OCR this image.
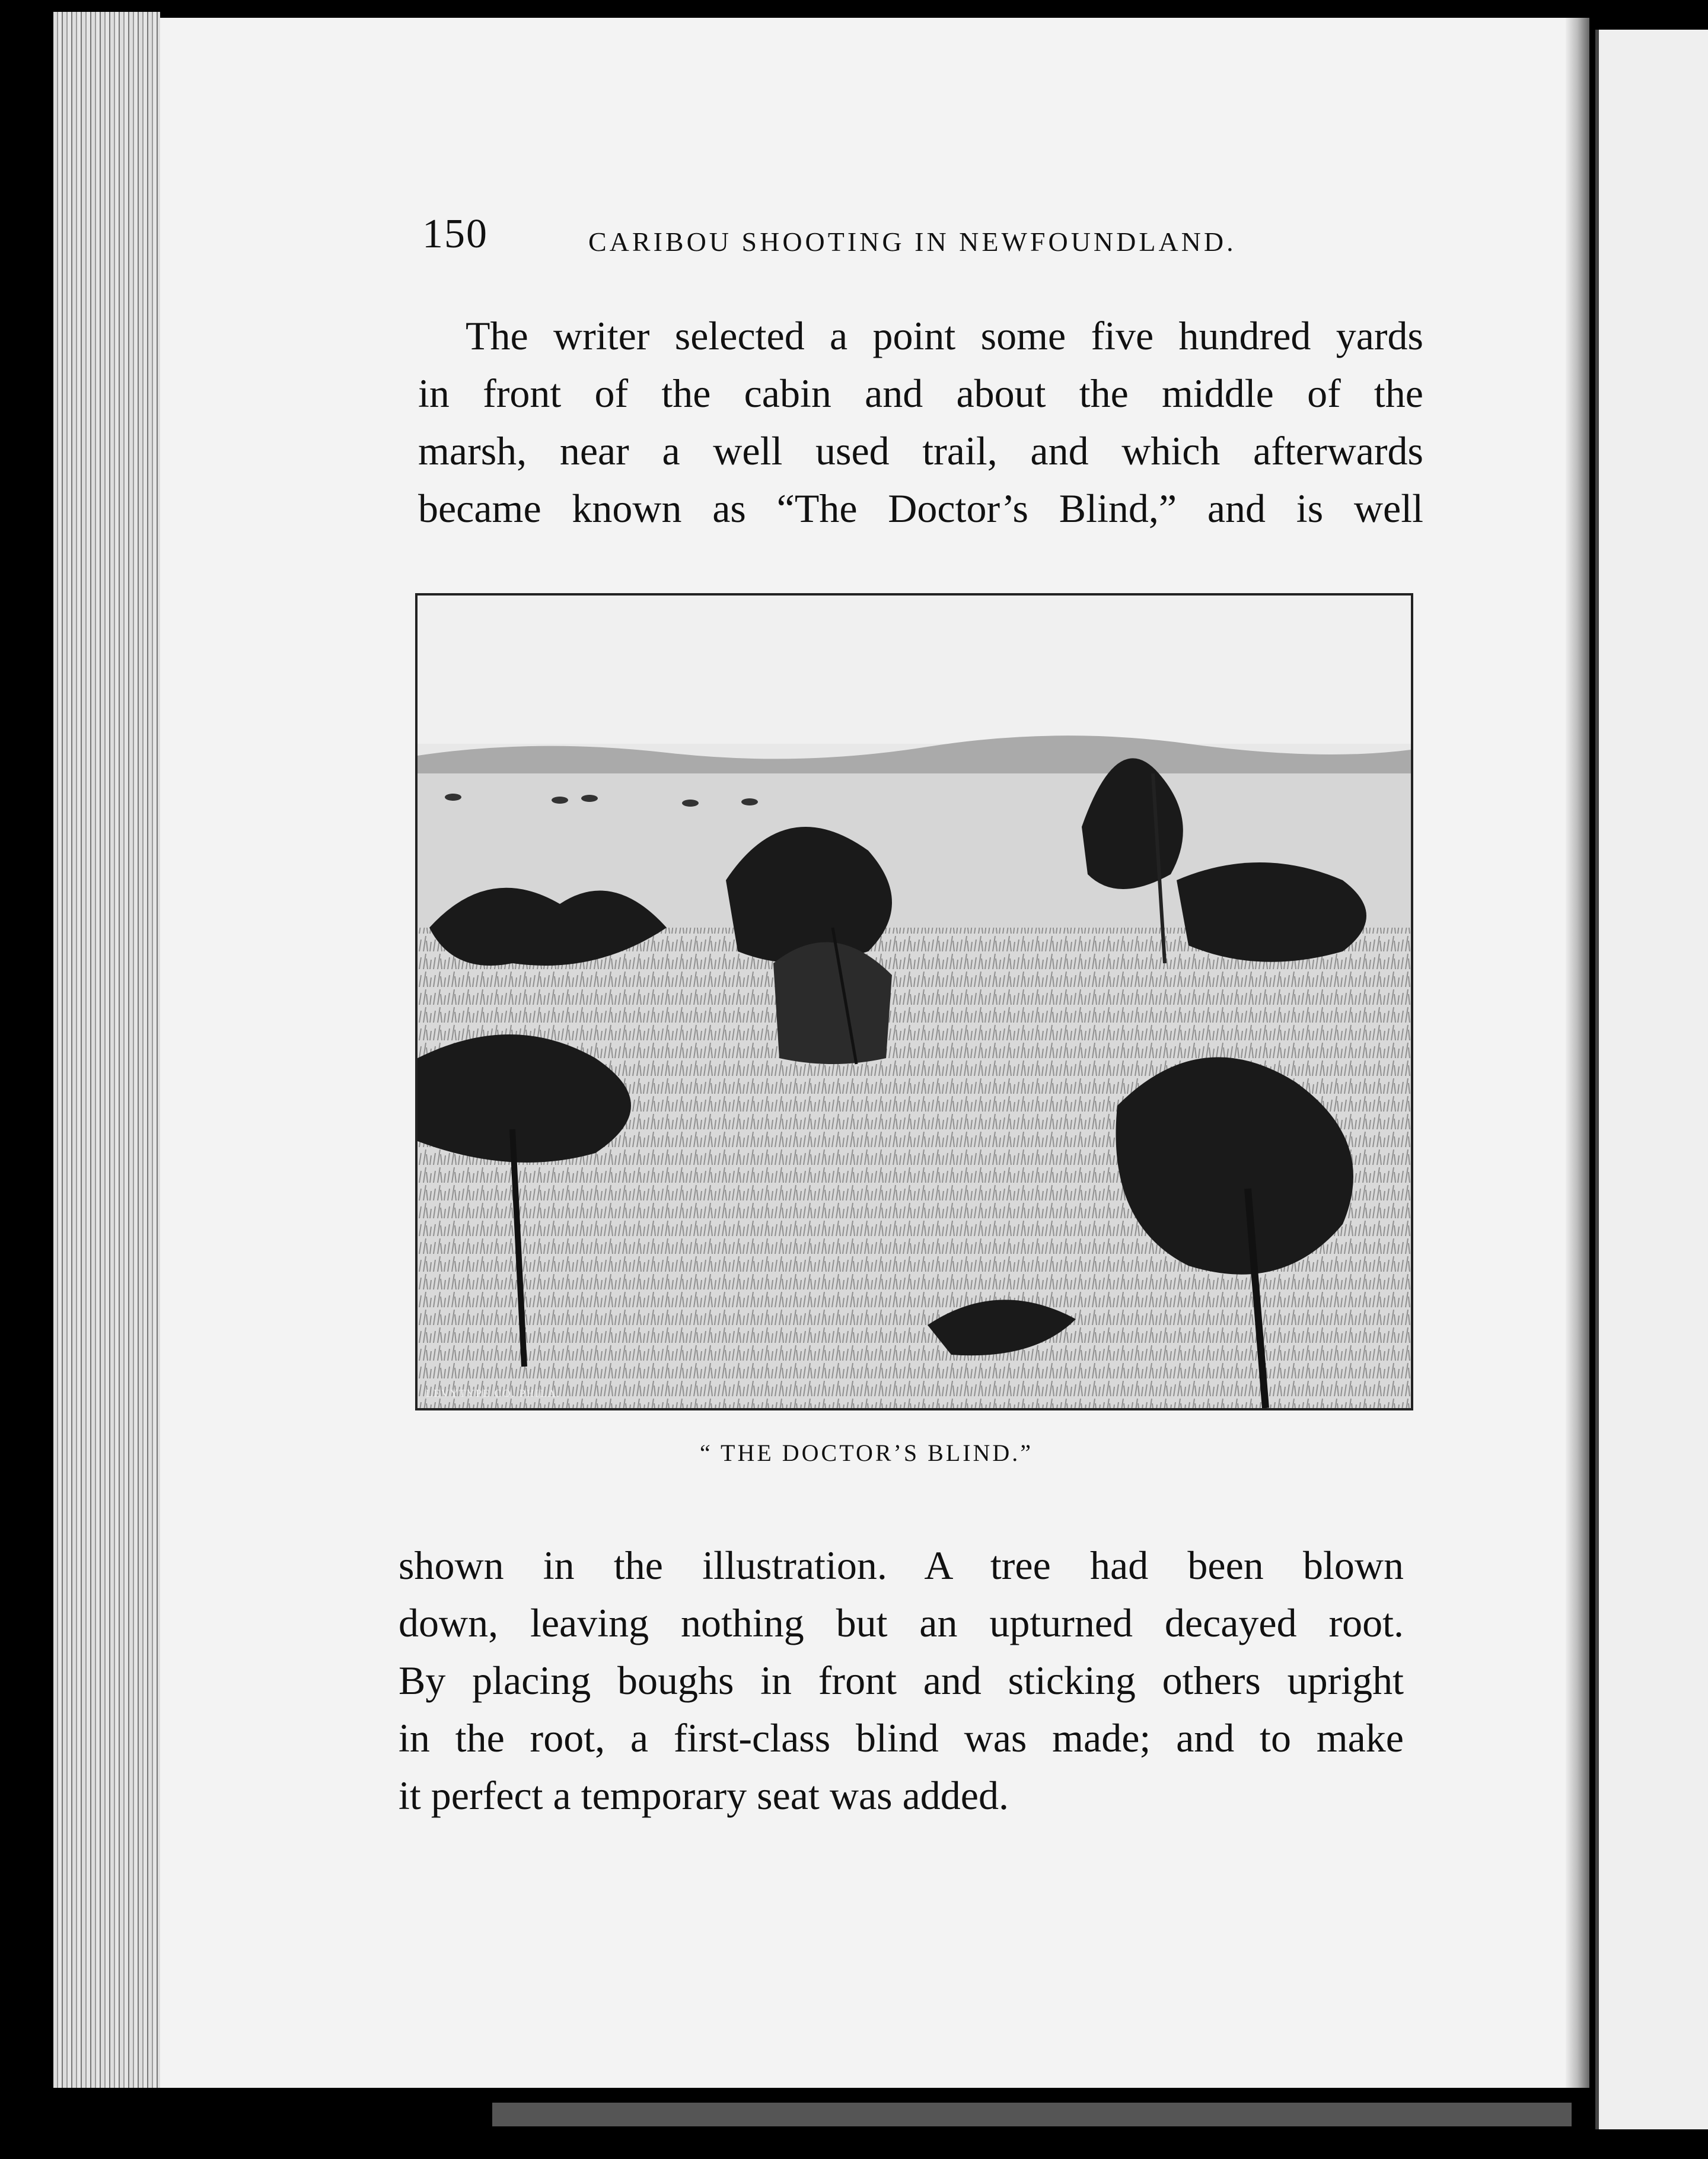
150	CARIBOU SHOOTING IN NEWFOUNDLAND.
The writer selected a point some five hundred yards
in front of the cabin and about the middle of the
marsh, near a well used trail, and which afterwards
became known as “The Doctor’s Blind,” and is well
LEVYTYPE CO. PHILA.
“ THE DOCTOR’S BLIND.”
shown in the illustration. A tree had been blown
down, leaving nothing but an upturned decayed root.
By placing boughs in front and sticking others upright
in the root, a first-class blind was made; and to make
it perfect a temporary seat was added.
